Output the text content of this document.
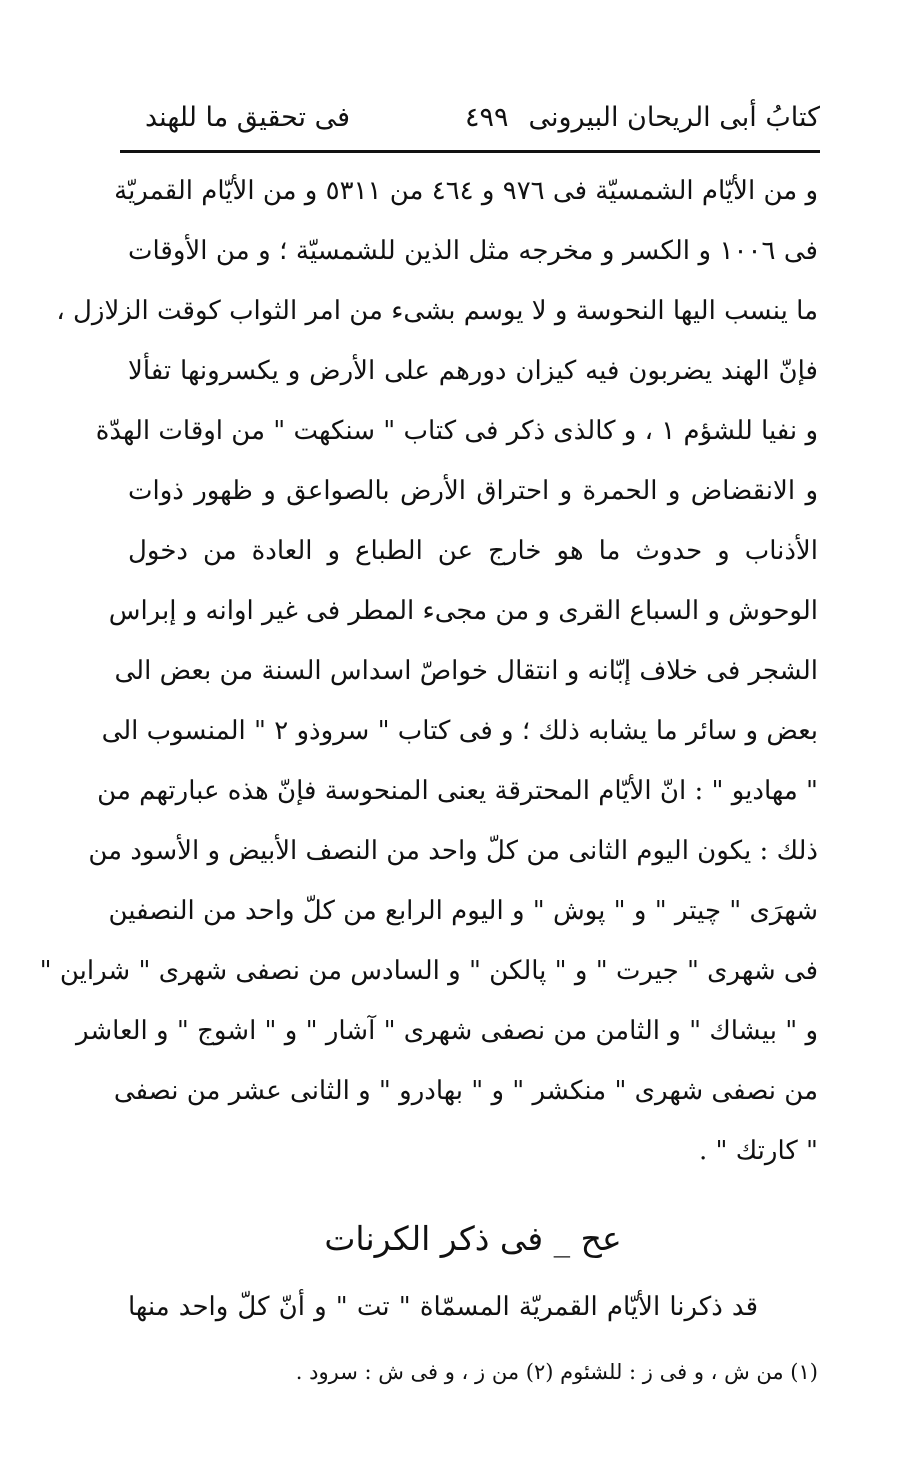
كتابُ أبى الريحان البيرونى
٤٩٩
فى تحقيق ما للهند
و من الأيّام الشمسيّة فى ٩٧٦ و ٤٦٤ من ٥٣١١ و من الأيّام القمريّة
فى ١٠٠٦ و الكسر و مخرجه مثل الذين للشمسيّة ؛ و من الأوقات
ما ينسب اليها النحوسة و لا يوسم بشىء من امر الثواب كوقت الزلازل ،
فإنّ الهند يضربون فيه كيزان دورهم على الأرض و يكسرونها تفألا
و نفيا للشؤم ١ ، و كالذى ذكر فى كتاب " سنكهت " من اوقات الهدّة
و الانقضاض و الحمرة و احتراق الأرض بالصواعق و ظهور ذوات
الأذناب و حدوث ما هو خارج عن الطباع و العادة من دخول
الوحوش و السباع القرى و من مجىء المطر فى غير اوانه و إبراس
الشجر فى خلاف إبّانه و انتقال خواصّ اسداس السنة من بعض الى
بعض و سائر ما يشابه ذلك ؛ و فى كتاب " سروذو ٢ " المنسوب الى
" مهاديو " : انّ الأيّام المحترقة يعنى المنحوسة فإنّ هذه عبارتهم من
ذلك : يكون اليوم الثانى من كلّ واحد من النصف الأبيض و الأسود من
شهرَى " چيتر " و " پوش " و اليوم الرابع من كلّ واحد من النصفين
فى شهرى " جيرت " و " پالكن " و السادس من نصفى شهرى " شراين "
و " بيشاك " و الثامن من نصفى شهرى " آشار " و " اشوج " و العاشر
من نصفى شهرى " منكشر " و " بهادرو " و الثانى عشر من نصفى
" كارتك " .
عح _ فى ذكر الكرنات
قد ذكرنا الأيّام القمريّة المسمّاة " تت " و أنّ كلّ واحد منها
(١) من ش ، و فى ز : للشئوم (٢) من ز ، و فى ش : سرود .
